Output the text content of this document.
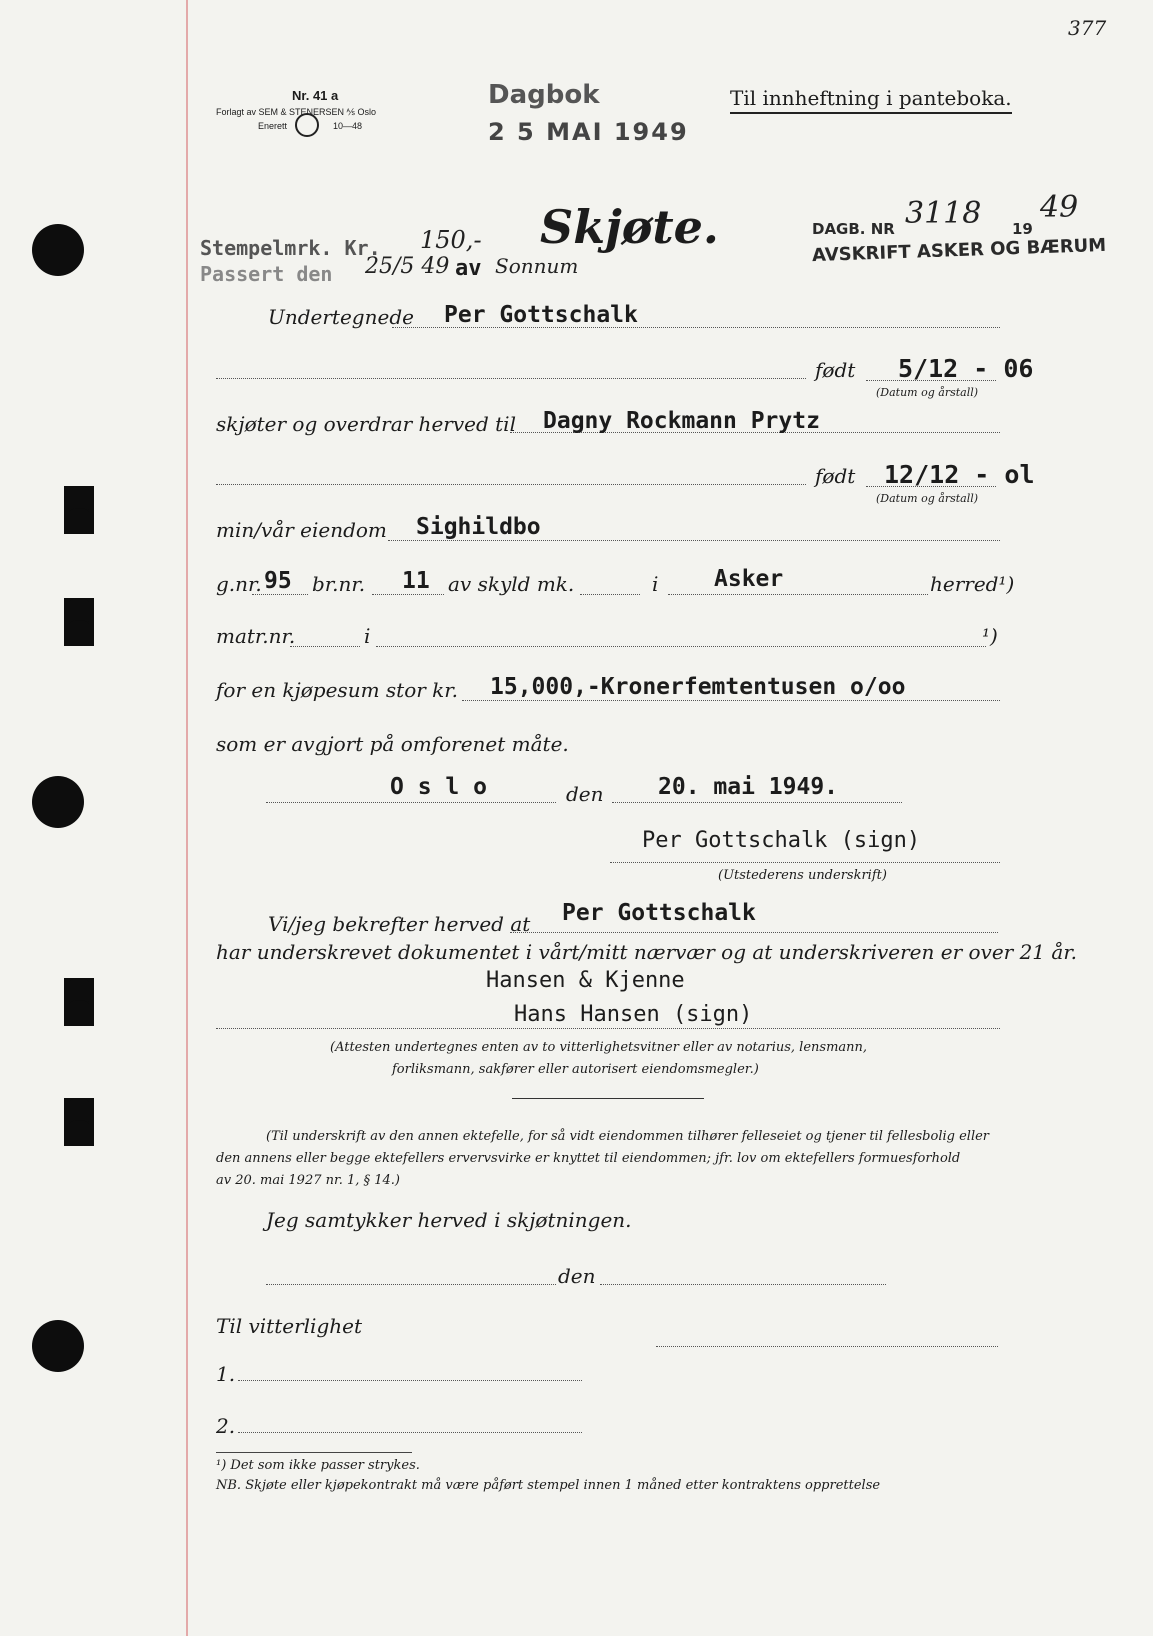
377
Nr. 41 a
Forlagt av SEM & STENERSEN ⅍ Oslo
Enerett	10—48
Dagbok
2 5 MAI 1949
Til innheftning i panteboka.
DAGB. NR 3118 19
49
AVSKRIFT ASKER OG BÆRUM
Stempelmrk. Kr. 150,-
Passert den 25/5 49 av Sonnum
Skjøte.
Undertegnede Per Gottschalk
født 5/12 - 06
(Datum og årstall)
skjøter og overdrar herved til Dagny Rockmann Prytz
født 12/12 - ol
(Datum og årstall)
min/vår eiendom Sighildbo
g.nr. 95 br.nr. 11 av skyld mk.	i Asker	herred¹)
matr.nr.	i	¹)
for en kjøpesum stor kr. 15,000,-Kronerfemtentusen o/oo
som er avgjort på omforenet måte.
O s l o	den 20. mai 1949.
Per Gottschalk (sign)
(Utstederens underskrift)
Vi/jeg bekrefter herved at Per Gottschalk
har underskrevet dokumentet i vårt/mitt nærvær og at underskriveren er over 21 år.
Hansen & Kjenne
Hans Hansen (sign)
(Attesten undertegnes enten av to vitterlighetsvitner eller av notarius, lensmann,
forliksmann, sakfører eller autorisert eiendomsmegler.)
(Til underskrift av den annen ektefelle, for så vidt eiendommen tilhører felleseiet og tjener til fellesbolig eller
den annens eller begge ektefellers ervervsvirke er knyttet til eiendommen; jfr. lov om ektefellers formuesforhold
av 20. mai 1927 nr. 1, § 14.)
Jeg samtykker herved i skjøtningen.
den
Til vitterlighet
1.
2.
¹) Det som ikke passer strykes.
NB. Skjøte eller kjøpekontrakt må være påført stempel innen 1 måned etter kontraktens opprettelse
